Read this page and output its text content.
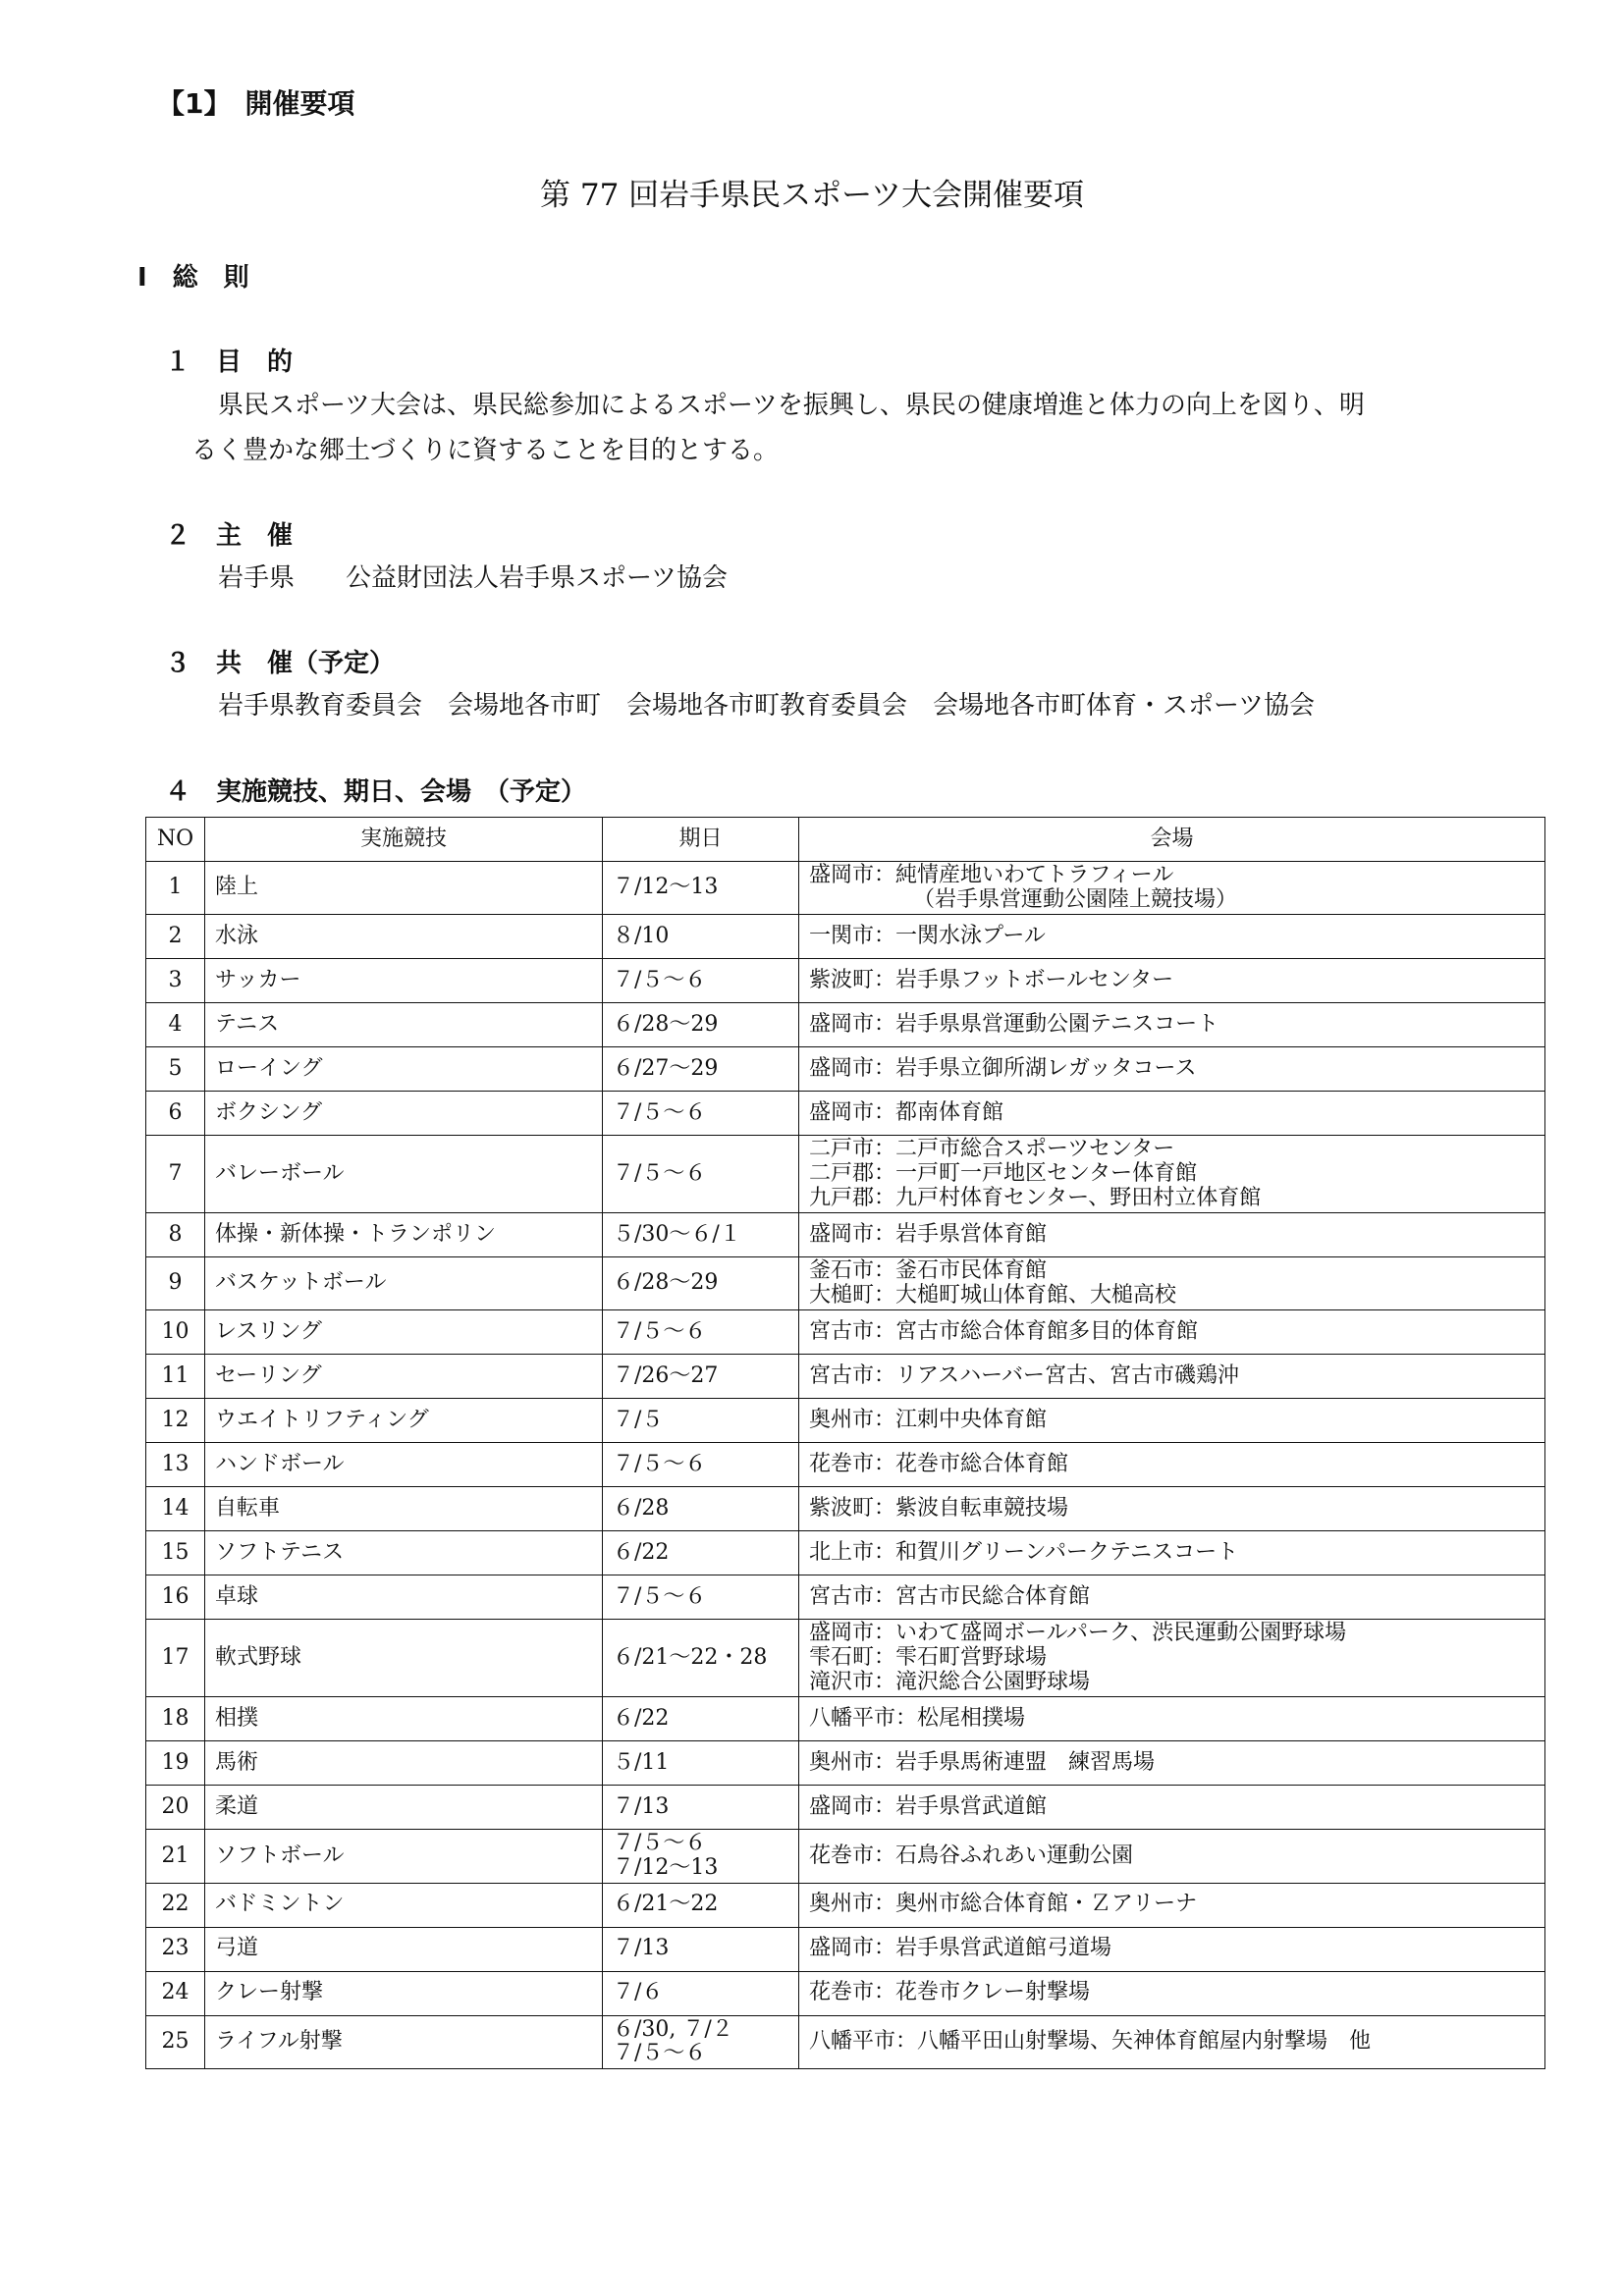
【1】　開催要項
第 77 回岩手県民スポーツ大会開催要項
Ⅰ　総　則
１　目　的
県民スポーツ大会は、県民総参加によるスポーツを振興し、県民の健康増進と体力の向上を図り、明
るく豊かな郷土づくりに資することを目的とする。
２　主　催
岩手県　　公益財団法人岩手県スポーツ協会
３　共　催（予定）
岩手県教育委員会　会場地各市町　会場地各市町教育委員会　会場地各市町体育・スポーツ協会
４　実施競技、期日、会場　（予定）
NO	実施競技	期日	会場
1	陸上	７/12〜13	盛岡市：純情産地いわてトラフィール
（岩手県営運動公園陸上競技場）

2	水泳	８/10	一関市：一関水泳プール

3	サッカー	７/５〜６	紫波町：岩手県フットボールセンター

4	テニス	６/28〜29	盛岡市：岩手県県営運動公園テニスコート

5	ローイング	６/27〜29	盛岡市：岩手県立御所湖レガッタコース

6	ボクシング	７/５〜６	盛岡市：都南体育館

7	バレーボール	７/５〜６	二戸市：二戸市総合スポーツセンター
二戸郡：一戸町一戸地区センター体育館
九戸郡：九戸村体育センター、野田村立体育館

8	体操・新体操・トランポリン	５/30〜６/１	盛岡市：岩手県営体育館

9	バスケットボール	６/28〜29	釜石市：釜石市民体育館
大槌町：大槌町城山体育館、大槌高校

10	レスリング	７/５〜６	宮古市：宮古市総合体育館多目的体育館

11	セーリング	７/26〜27	宮古市：リアスハーバー宮古、宮古市磯鶏沖

12	ウエイトリフティング	７/５	奥州市：江刺中央体育館

13	ハンドボール	７/５〜６	花巻市：花巻市総合体育館

14	自転車	６/28	紫波町：紫波自転車競技場

15	ソフトテニス	６/22	北上市：和賀川グリーンパークテニスコート

16	卓球	７/５〜６	宮古市：宮古市民総合体育館

17	軟式野球	６/21〜22・28	盛岡市：いわて盛岡ボールパーク、渋民運動公園野球場
雫石町：雫石町営野球場
滝沢市：滝沢総合公園野球場

18	相撲	６/22	八幡平市：松尾相撲場

19	馬術	５/11	奥州市：岩手県馬術連盟　練習馬場

20	柔道	７/13	盛岡市：岩手県営武道館

21	ソフトボール	７/５〜６
７/12〜13	花巻市：石鳥谷ふれあい運動公園

22	バドミントン	６/21〜22	奥州市：奥州市総合体育館・Ｚアリーナ

23	弓道	７/13	盛岡市：岩手県営武道館弓道場

24	クレー射撃	７/６	花巻市：花巻市クレー射撃場

25	ライフル射撃	６/30, ７/２
７/５〜６	八幡平市：八幡平田山射撃場、矢神体育館屋内射撃場　他
